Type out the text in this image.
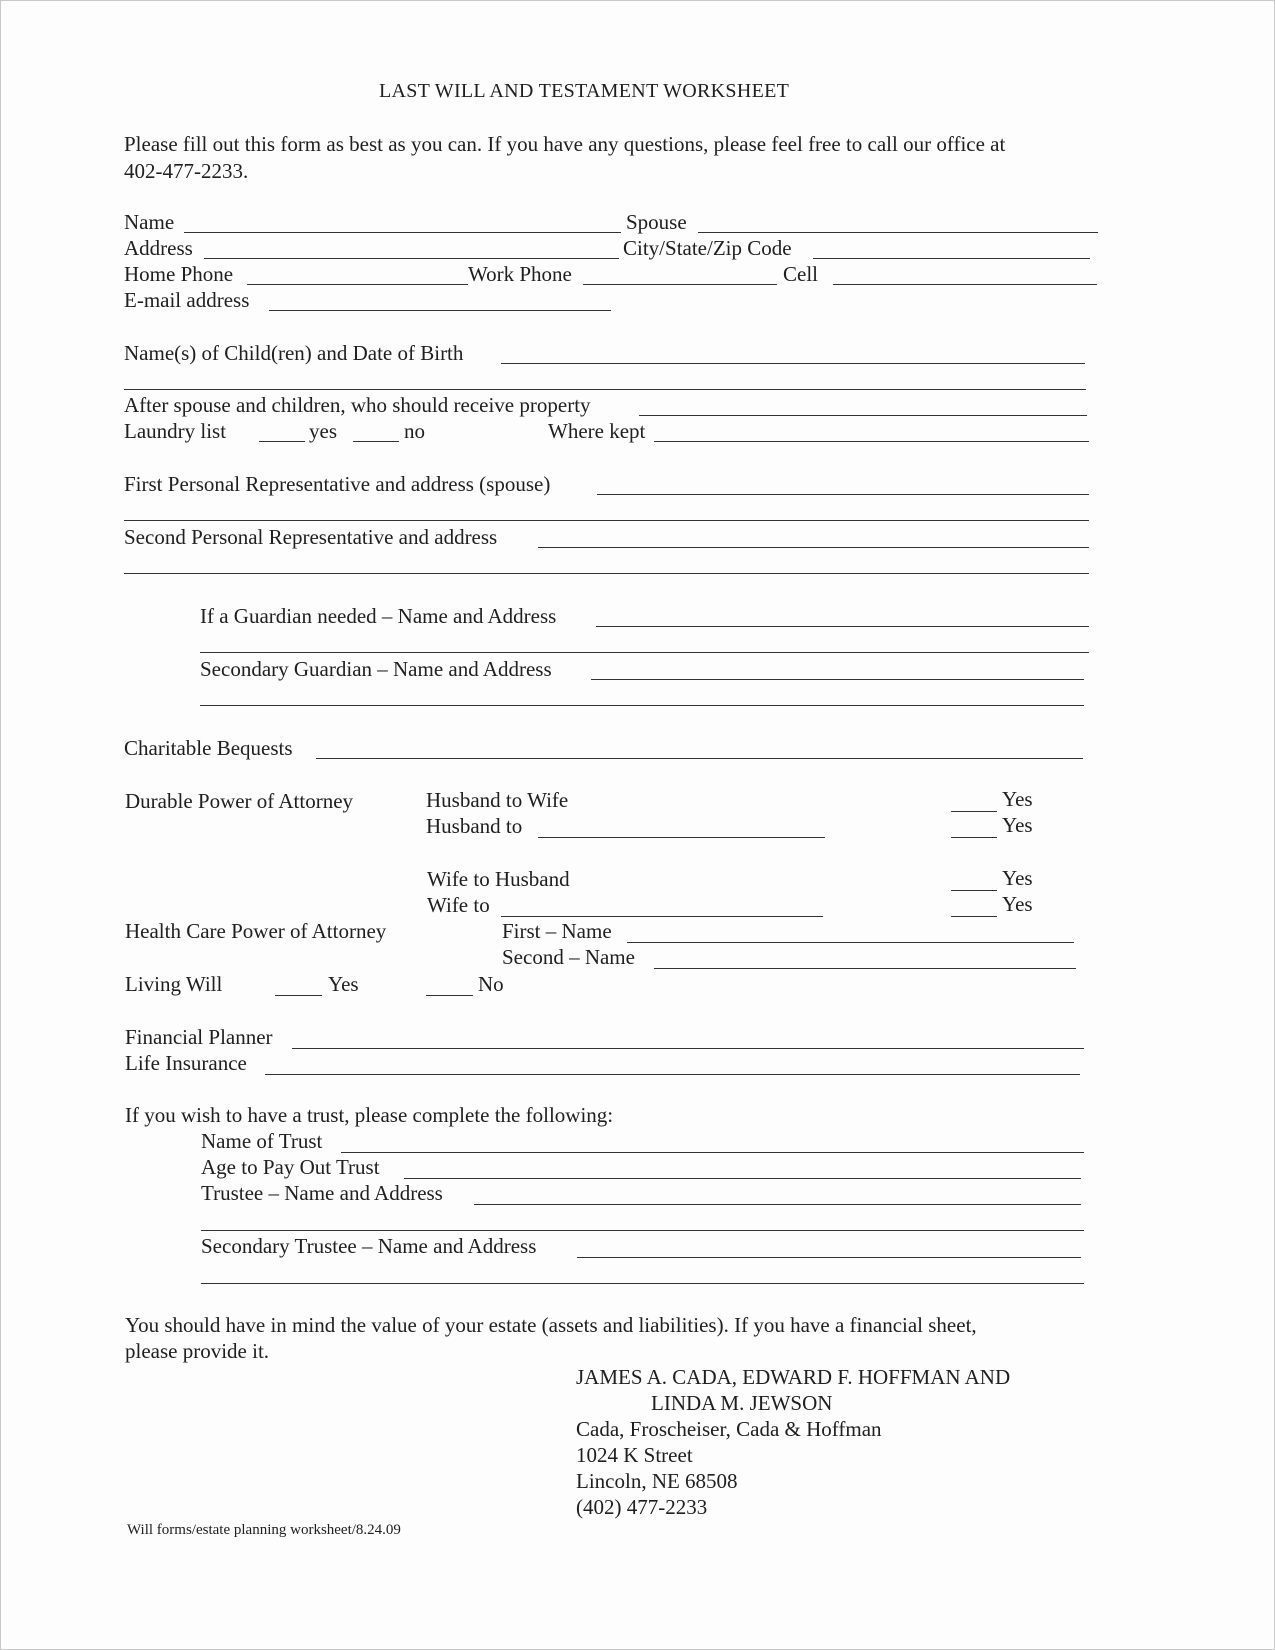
LAST WILL AND TESTAMENT WORKSHEET
Please fill out this form as best as you can. If you have any questions, please feel free to call our office at
402-477-2233.
Name	Spouse
Address	City/State/Zip Code
Home Phone	Work Phone	Cell
E-mail address
Name(s) of Child(ren) and Date of Birth
After spouse and children, who should receive property
Laundry list	yes	no	Where kept
First Personal Representative and address (spouse)
Second Personal Representative and address
If a Guardian needed – Name and Address
Secondary Guardian – Name and Address
Charitable Bequests
Durable Power of Attorney	Husband to Wife	Yes
Husband to	Yes
Wife to Husband	Yes
Wife to	Yes
Health Care Power of Attorney	First – Name
Second – Name
Living Will	Yes	No
Financial Planner
Life Insurance
If you wish to have a trust, please complete the following:
Name of Trust
Age to Pay Out Trust
Trustee – Name and Address
Secondary Trustee – Name and Address
You should have in mind the value of your estate (assets and liabilities). If you have a financial sheet,
please provide it.
JAMES A. CADA, EDWARD F. HOFFMAN AND
LINDA M. JEWSON
Cada, Froscheiser, Cada & Hoffman
1024 K Street
Lincoln, NE 68508
(402) 477-2233
Will forms/estate planning worksheet/8.24.09
